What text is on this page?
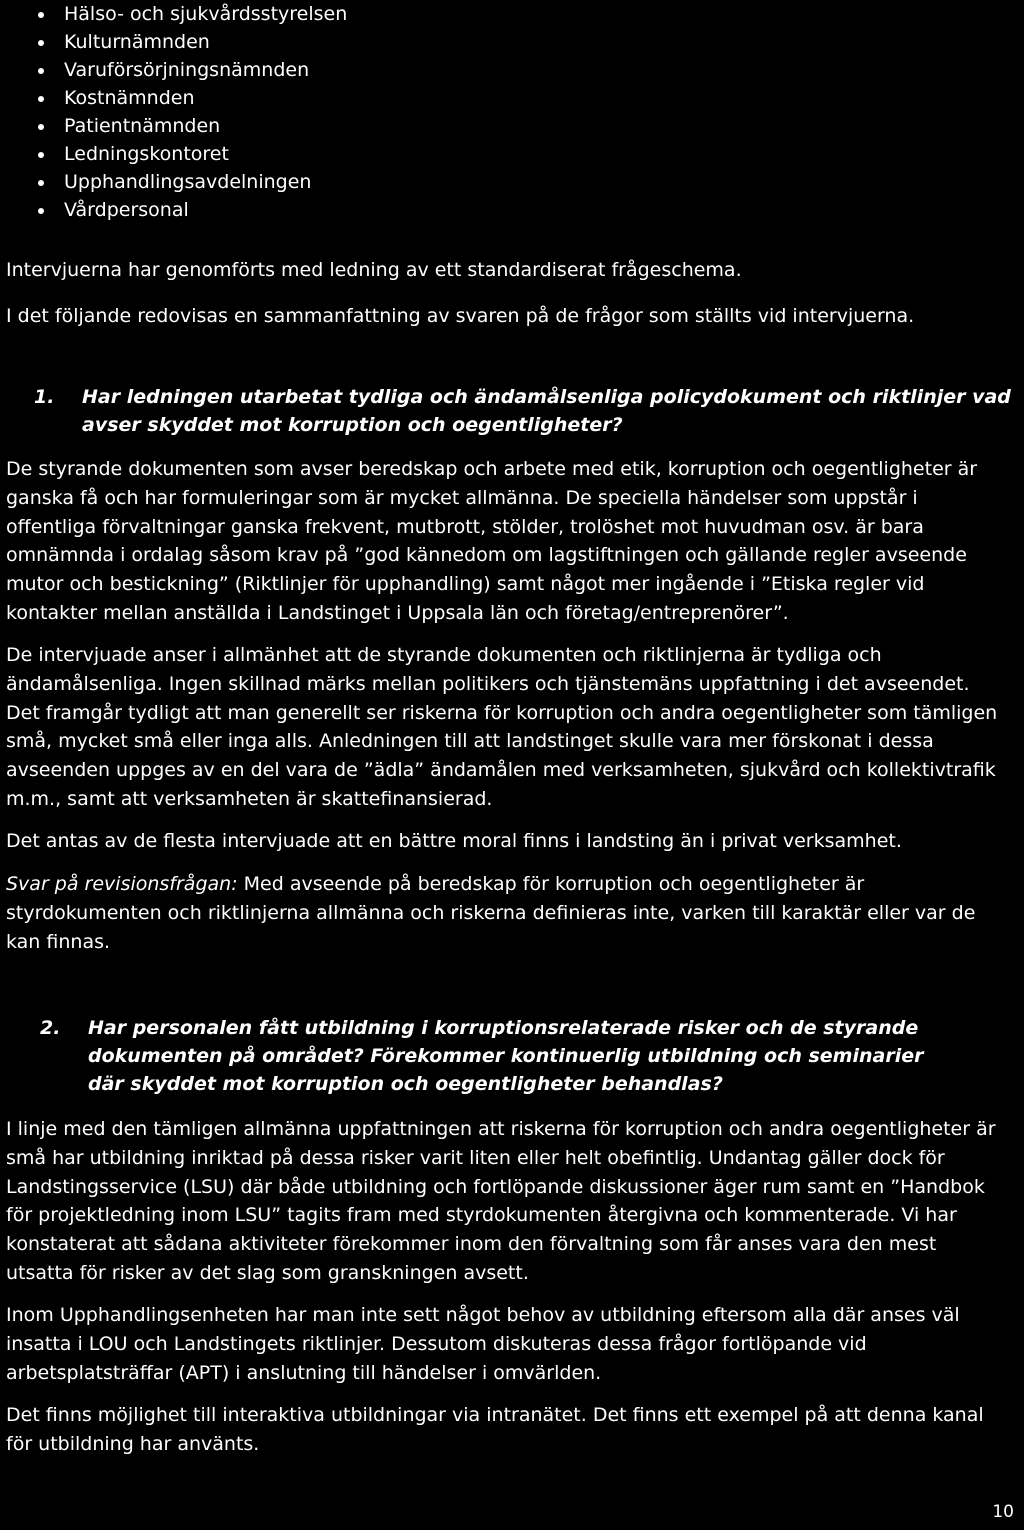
Hälso- och sjukvårdsstyrelsen
Kulturnämnden
Varuförsörjningsnämnden
Kostnämnden
Patientnämnden
Ledningskontoret
Upphandlingsavdelningen
Vårdpersonal

Intervjuerna har genomförts med ledning av ett standardiserat frågeschema.

I det följande redovisas en sammanfattning av svaren på de frågor som ställts vid intervjuerna.

1. Har ledningen utarbetat tydliga och ändamålsenliga policydokument och riktlinjer vad avser skyddet mot korruption och oegentligheter?

De styrande dokumenten som avser beredskap och arbete med etik, korruption och oegentligheter är ganska få och har formuleringar som är mycket allmänna. De speciella händelser som uppstår i offentliga förvaltningar ganska frekvent, mutbrott, stölder, trolöshet mot huvudman osv. är bara omnämnda i ordalag såsom krav på ”god kännedom om lagstiftningen och gällande regler avseende mutor och bestickning” (Riktlinjer för upphandling) samt något mer ingående i ”Etiska regler vid kontakter mellan anställda i Landstinget i Uppsala län och företag/entreprenörer”.

De intervjuade anser i allmänhet att de styrande dokumenten och riktlinjerna är tydliga och ändamålsenliga. Ingen skillnad märks mellan politikers och tjänstemäns uppfattning i det avseendet. Det framgår tydligt att man generellt ser riskerna för korruption och andra oegentligheter som tämligen små, mycket små eller inga alls. Anledningen till att landstinget skulle vara mer förskonat i dessa avseenden uppges av en del vara de ”ädla” ändamålen med verksamheten, sjukvård och kollektivtrafik m.m., samt att verksamheten är skattefinansierad.

Det antas av de flesta intervjuade att en bättre moral finns i landsting än i privat verksamhet.

Svar på revisionsfrågan: Med avseende på beredskap för korruption och oegentligheter är styrdokumenten och riktlinjerna allmänna och riskerna definieras inte, varken till karaktär eller var de kan finnas.

2. Har personalen fått utbildning i korruptionsrelaterade risker och de styrande dokumenten på området? Förekommer kontinuerlig utbildning och seminarier där skyddet mot korruption och oegentligheter behandlas?

I linje med den tämligen allmänna uppfattningen att riskerna för korruption och andra oegentligheter är små har utbildning inriktad på dessa risker varit liten eller helt obefintlig. Undantag gäller dock för Landstingsservice (LSU) där både utbildning och fortlöpande diskussioner äger rum samt en ”Handbok för projektledning inom LSU” tagits fram med styrdokumenten återgivna och kommenterade. Vi har konstaterat att sådana aktiviteter förekommer inom den förvaltning som får anses vara den mest utsatta för risker av det slag som granskningen avsett.

Inom Upphandlingsenheten har man inte sett något behov av utbildning eftersom alla där anses väl insatta i LOU och Landstingets riktlinjer. Dessutom diskuteras dessa frågor fortlöpande vid arbetsplatsträffar (APT) i anslutning till händelser i omvärlden.

Det finns möjlighet till interaktiva utbildningar via intranätet. Det finns ett exempel på att denna kanal för utbildning har använts.

10
